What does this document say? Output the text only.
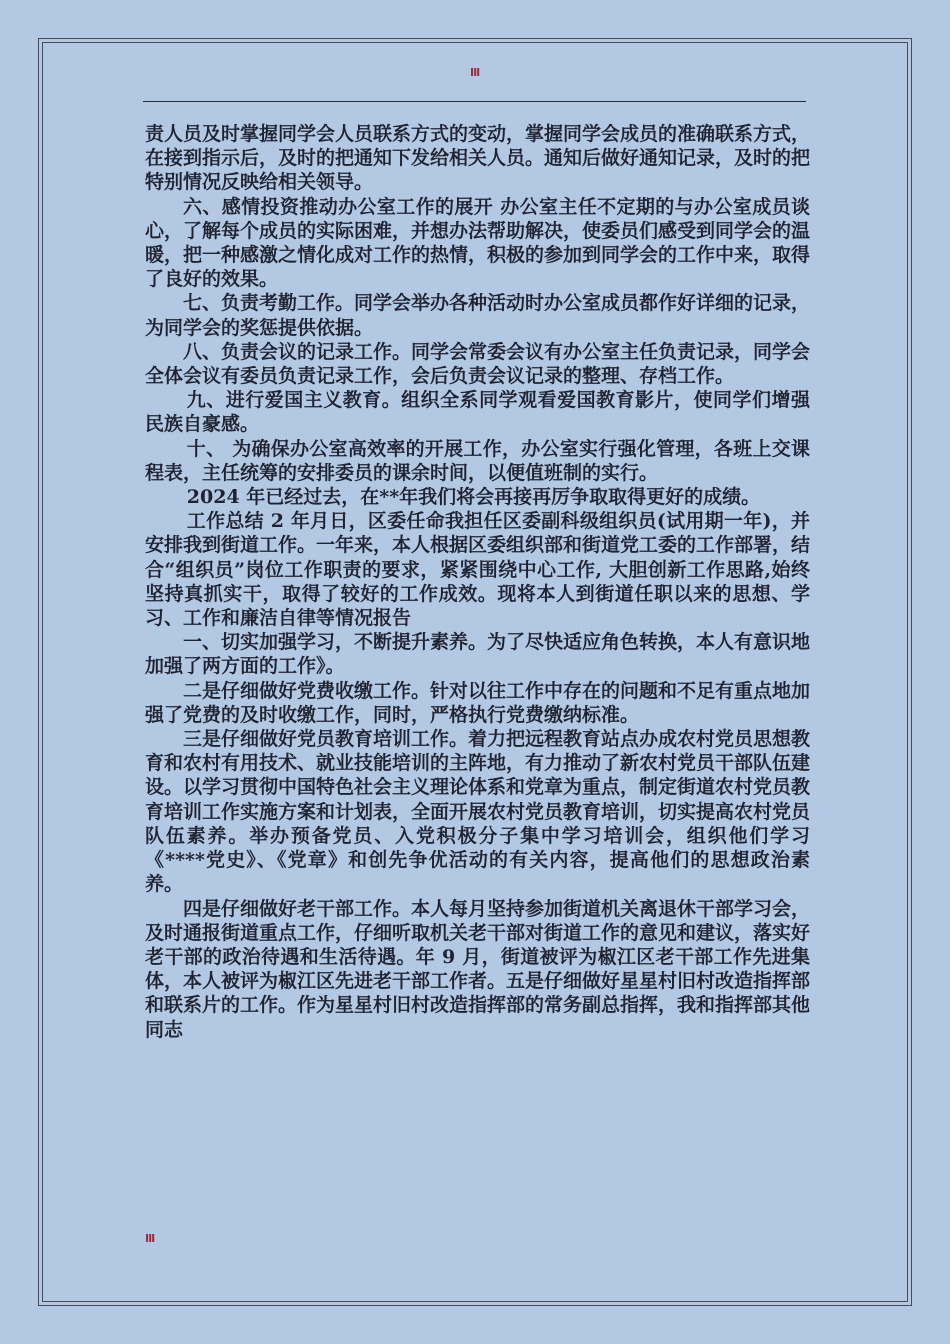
III

责人员及时掌握同学会人员联系方式的变动，掌握同学会成员的准确联系方式，在接到指示后，及时的把通知下发给相关人员。通知后做好通知记录，及时的把特别情况反映给相关领导。

六、感情投资推动办公室工作的展开 办公室主任不定期的与办公室成员谈心，了解每个成员的实际困难，并想办法帮助解决，使委员们感受到同学会的温暖，把一种感激之情化成对工作的热情，积极的参加到同学会的工作中来，取得了良好的效果。

七、负责考勤工作。同学会举办各种活动时办公室成员都作好详细的记录，为同学会的奖惩提供依据。

八、负责会议的记录工作。同学会常委会议有办公室主任负责记录，同学会全体会议有委员负责记录工作，会后负责会议记录的整理、存档工作。

九、进行爱国主义教育。组织全系同学观看爱国教育影片，使同学们增强民族自豪感。

十、 为确保办公室高效率的开展工作，办公室实行强化管理，各班上交课程表，主任统筹的安排委员的课余时间，以便值班制的实行。

2024 年已经过去，在**年我们将会再接再厉争取取得更好的成绩。

工作总结 2 年月日，区委任命我担任区委副科级组织员(试用期一年)，并安排我到街道工作。一年来，本人根据区委组织部和街道党工委的工作部署，结合“组织员”岗位工作职责的要求，紧紧围绕中心工作, 大胆创新工作思路,始终坚持真抓实干，取得了较好的工作成效。现将本人到街道任职以来的思想、学习、工作和廉洁自律等情况报告

一、切实加强学习，不断提升素养。为了尽快适应角色转换，本人有意识地加强了两方面的工作》。

二是仔细做好党费收缴工作。针对以往工作中存在的问题和不足有重点地加强了党费的及时收缴工作，同时，严格执行党费缴纳标准。

三是仔细做好党员教育培训工作。着力把远程教育站点办成农村党员思想教育和农村有用技术、就业技能培训的主阵地，有力推动了新农村党员干部队伍建设。以学习贯彻中国特色社会主义理论体系和党章为重点，制定街道农村党员教育培训工作实施方案和计划表，全面开展农村党员教育培训，切实提高农村党员队伍素养。举办预备党员、入党积极分子集中学习培训会，组织他们学习《****党史》、《党章》和创先争优活动的有关内容，提高他们的思想政治素养。

四是仔细做好老干部工作。本人每月坚持参加街道机关离退休干部学习会，及时通报街道重点工作，仔细听取机关老干部对街道工作的意见和建议，落实好老干部的政治待遇和生活待遇。年 9 月，街道被评为椒江区老干部工作先进集体，本人被评为椒江区先进老干部工作者。五是仔细做好星星村旧村改造指挥部和联系片的工作。作为星星村旧村改造指挥部的常务副总指挥，我和指挥部其他同志

III
